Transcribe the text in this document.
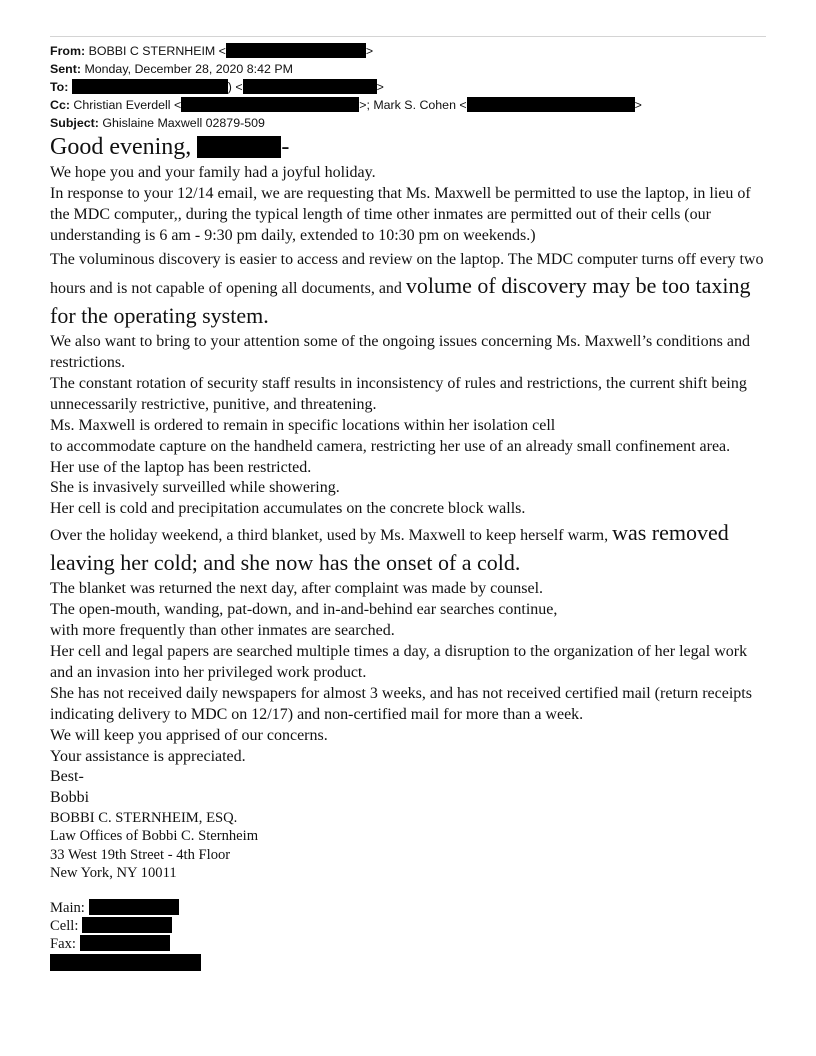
From: BOBBI C STERNHEIM <	>
Sent: Monday, December 28, 2020 8:42 PM
To:	) <	>
Cc: Christian Everdell <	>; Mark S. Cohen <	>
Subject: Ghislaine Maxwell 02879-509

Good evening,	-

We hope you and your family had a joyful holiday.

In response to your 12/14 email, we are requesting that Ms. Maxwell be permitted to use the laptop, in lieu of the MDC computer,, during the typical length of time other inmates are permitted out of their cells (our understanding is 6 am - 9:30 pm daily, extended to 10:30 pm on weekends.)

The voluminous discovery is easier to access and review on the laptop. The MDC computer turns off every two hours and is not capable of opening all documents, and volume of discovery may be too taxing for the operating system.

We also want to bring to your attention some of the ongoing issues concerning Ms. Maxwell’s conditions and restrictions.

The constant rotation of security staff results in inconsistency of rules and restrictions, the current shift being unnecessarily restrictive, punitive, and threatening.

Ms. Maxwell is ordered to remain in specific locations within her isolation cell

to accommodate capture on the handheld camera, restricting her use of an already small confinement area.

Her use of the laptop has been restricted.

She is invasively surveilled while showering.

Her cell is cold and precipitation accumulates on the concrete block walls.

Over the holiday weekend, a third blanket, used by Ms. Maxwell to keep herself warm, was removed leaving her cold; and she now has the onset of a cold.

The blanket was returned the next day, after complaint was made by counsel.

The open-mouth, wanding, pat-down, and in-and-behind ear searches continue,

with more frequently than other inmates are searched.

Her cell and legal papers are searched multiple times a day, a disruption to the organization of her legal work and an invasion into her privileged work product.

She has not received daily newspapers for almost 3 weeks, and has not received certified mail (return receipts indicating delivery to MDC on 12/17) and non-certified mail for more than a week.

We will keep you apprised of our concerns.

Your assistance is appreciated.

Best-

Bobbi

BOBBI C. STERNHEIM, ESQ.

Law Offices of Bobbi C. Sternheim

33 West 19th Street - 4th Floor

New York, NY 10011

Main:

Cell:

Fax:
